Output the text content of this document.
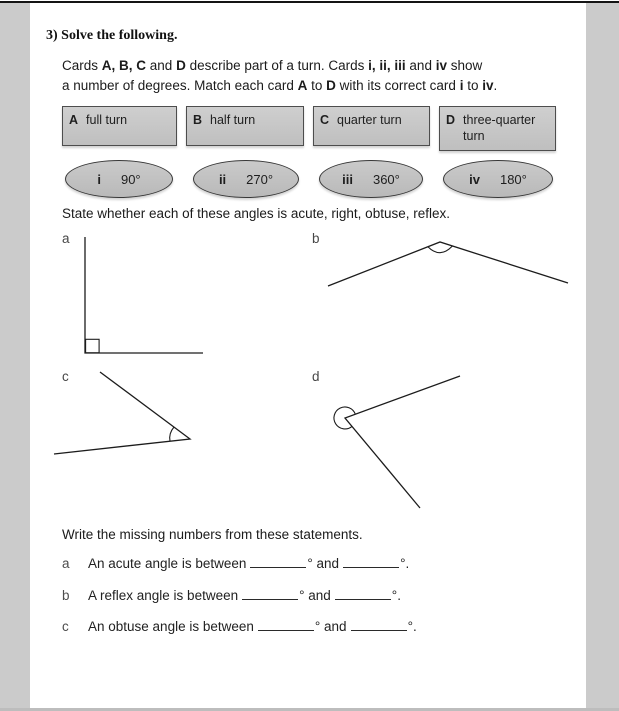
3) Solve the following.
Cards A, B, C and D describe part of a turn. Cards i, ii, iii and iv show
a number of degrees. Match each card A to D with its correct card i to iv.
A full turn	B half turn	C quarter turn	D three-quarter turn
i 90°	ii 270°	iii 360°	iv 180°

State whether each of these angles is acute, right, obtuse, reflex.

a	b
c	d

Write the missing numbers from these statements.

a	An acute angle is between	° and	°.
b	A reflex angle is between	° and	°.
c	An obtuse angle is between	° and	°.
